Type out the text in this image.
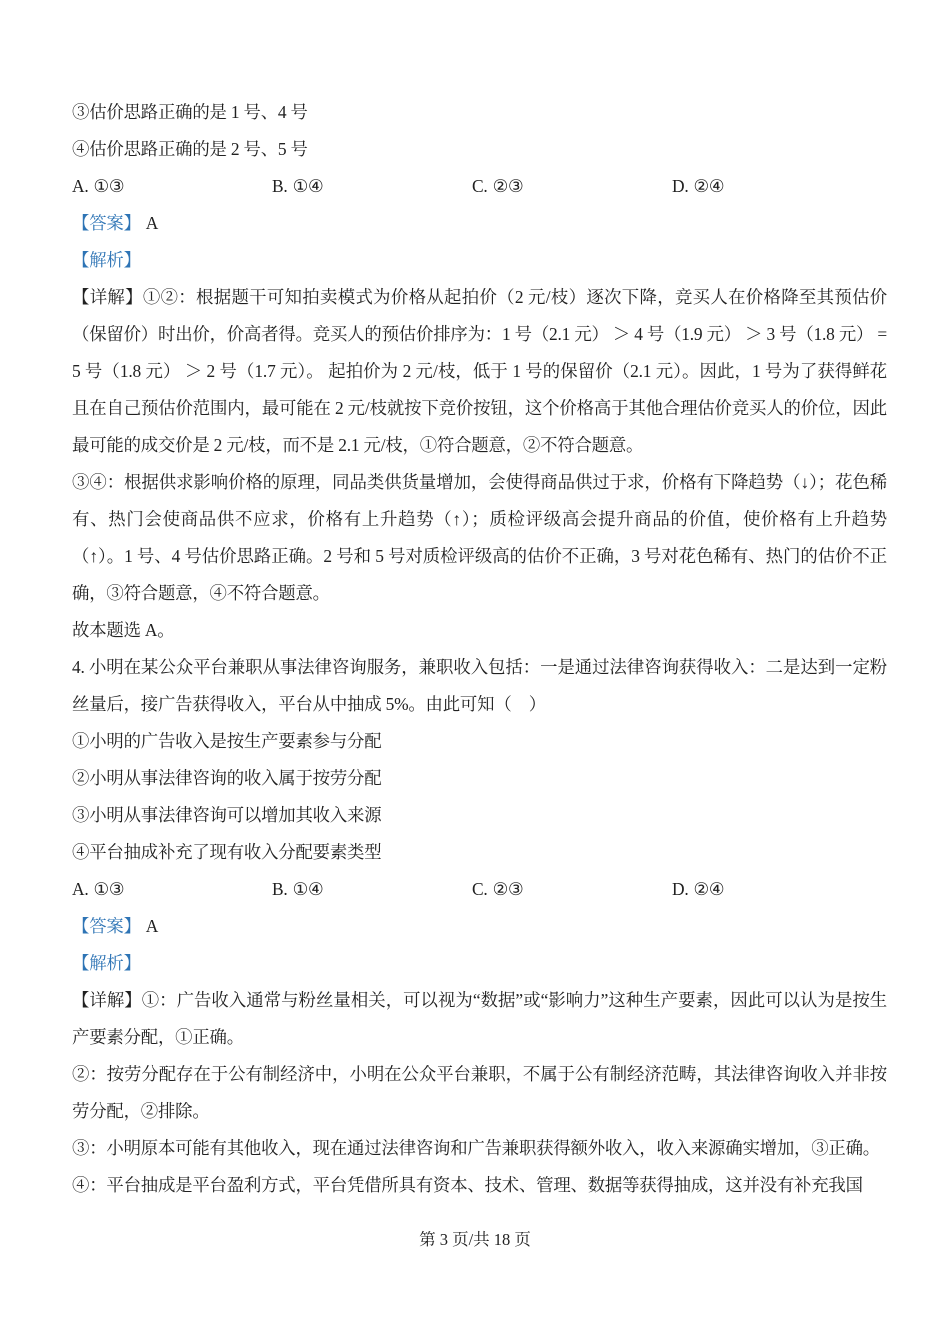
③估价思路正确的是 1 号、4 号

④估价思路正确的是 2 号、5 号

A. ①③	B. ①④	C. ②③	D. ②④

【答案】 A

【解析】

【详解】①②：根据题干可知拍卖模式为价格从起拍价（2 元/枝）逐次下降，竞买人在价格降至其预估价（保留价）时出价，价高者得。竞买人的预估价排序为：1 号（2.1 元） ＞ 4 号（1.9 元） ＞ 3 号（1.8 元） = 5 号（1.8 元） ＞ 2 号（1.7 元）。 起拍价为 2 元/枝，低于 1 号的保留价（2.1 元）。因此，1 号为了获得鲜花且在自己预估价范围内，最可能在 2 元/枝就按下竞价按钮，这个价格高于其他合理估价竞买人的价位，因此最可能的成交价是 2 元/枝，而不是 2.1 元/枝，①符合题意，②不符合题意。

③④：根据供求影响价格的原理，同品类供货量增加，会使得商品供过于求，价格有下降趋势（↓）；花色稀有、热门会使商品供不应求，价格有上升趋势（↑）；质检评级高会提升商品的价值，使价格有上升趋势（↑）。1 号、4 号估价思路正确。2 号和 5 号对质检评级高的估价不正确，3 号对花色稀有、热门的估价不正确，③符合题意，④不符合题意。

故本题选 A。

4. 小明在某公众平台兼职从事法律咨询服务，兼职收入包括：一是通过法律咨询获得收入：二是达到一定粉丝量后，接广告获得收入，平台从中抽成 5%。由此可知（　）

①小明的广告收入是按生产要素参与分配

②小明从事法律咨询的收入属于按劳分配

③小明从事法律咨询可以增加其收入来源

④平台抽成补充了现有收入分配要素类型

A. ①③	B. ①④	C. ②③	D. ②④

【答案】 A

【解析】

【详解】①：广告收入通常与粉丝量相关，可以视为“数据”或“影响力”这种生产要素，因此可以认为是按生产要素分配，①正确。

②：按劳分配存在于公有制经济中，小明在公众平台兼职，不属于公有制经济范畴，其法律咨询收入并非按劳分配，②排除。

③：小明原本可能有其他收入，现在通过法律咨询和广告兼职获得额外收入，收入来源确实增加，③正确。

④：平台抽成是平台盈利方式，平台凭借所具有资本、技术、管理、数据等获得抽成，这并没有补充我国

第 3 页/共 18 页
